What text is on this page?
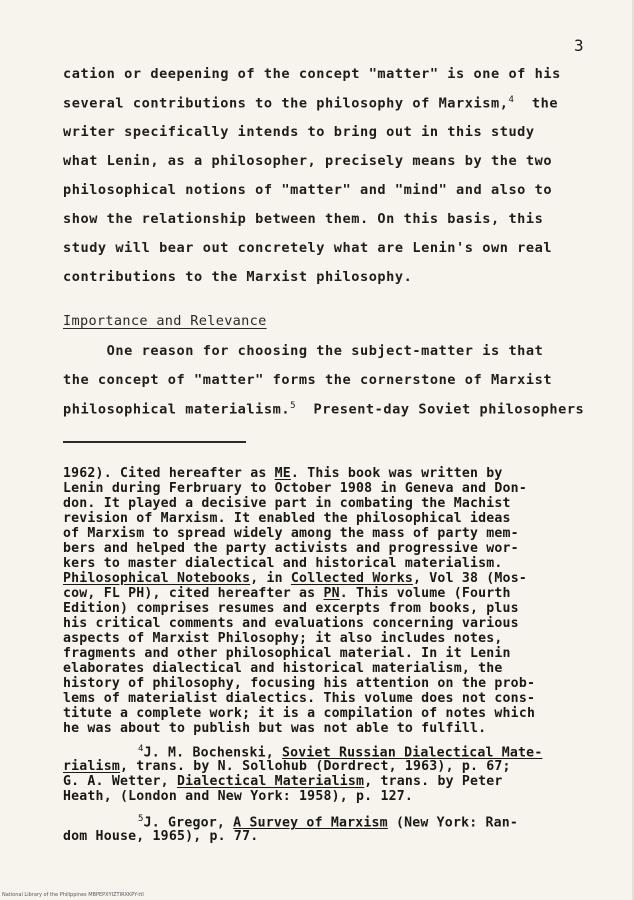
3
cation or deepening of the concept "matter" is one of his
several contributions to the philosophy of Marxism,$^4$ the
writer specifically intends to bring out in this study
what Lenin, as a philosopher, precisely means by the two
philosophical notions of "matter" and "mind" and also to
show the relationship between them. On this basis, this
study will bear out concretely what are Lenin's own real
contributions to the Marxist philosophy.
Importance and Relevance
One reason for choosing the subject-matter is that
the concept of "matter" forms the cornerstone of Marxist
philosophical materialism.$^5$ Present-day Soviet philosophers
1962). Cited hereafter as ME. This book was written by
Lenin during Ferbruary to October 1908 in Geneva and Don-
don. It played a decisive part in combating the Machist
revision of Marxism. It enabled the philosophical ideas
of Marxism to spread widely among the mass of party mem-
bers and helped the party activists and progressive wor-
kers to master dialectical and historical materialism.
Philosophical Notebooks, in Collected Works, Vol 38 (Mos-
cow, FL PH), cited hereafter as PN. This volume (Fourth
Edition) comprises resumes and excerpts from books, plus
his critical comments and evaluations concerning various
aspects of Marxist Philosophy; it also includes notes,
fragments and other philosophical material. In it Lenin
elaborates dialectical and historical materialism, the
history of philosophy, focusing his attention on the prob-
lems of materialist dialectics. This volume does not cons-
titute a complete work; it is a compilation of notes which
he was about to publish but was not able to fulfill.
$^4$J. M. Bochenski, Soviet Russian Dialectical Mate-
rialism, trans. by N. Sollohub (Dordrect, 1963), p. 67;
G. A. Wetter, Dialectical Materialism, trans. by Peter
Heath, (London and New York: 1958), p. 127.
$^5$J. Gregor, A Survey of Marxism (New York: Ran-
dom House, 1965), p. 77.
National Library of the Philippines MBPEPXYIZTIRXKPY-ttl
